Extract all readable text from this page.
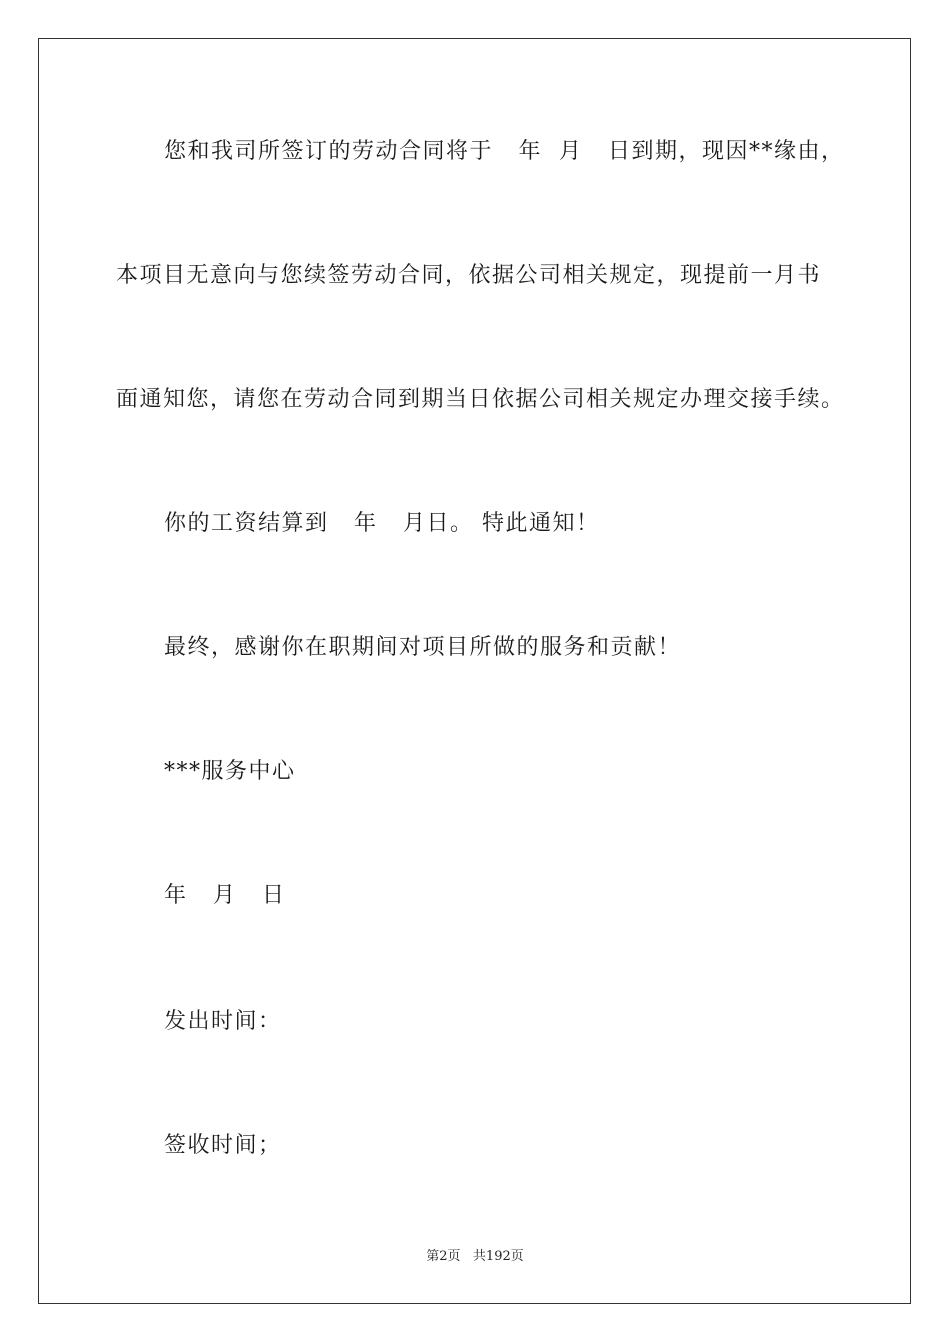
您和我司所签订的劳动合同将于   年  月   日到期，现因**缘由，
本项目无意向与您续签劳动合同，依据公司相关规定，现提前一月书
面通知您，请您在劳动合同到期当日依据公司相关规定办理交接手续。
你的工资结算到   年   月日。 特此通知！
最终，感谢你在职期间对项目所做的服务和贡献！
***服务中心
年   月   日
发出时间：
签收时间；
第2页   共192页
